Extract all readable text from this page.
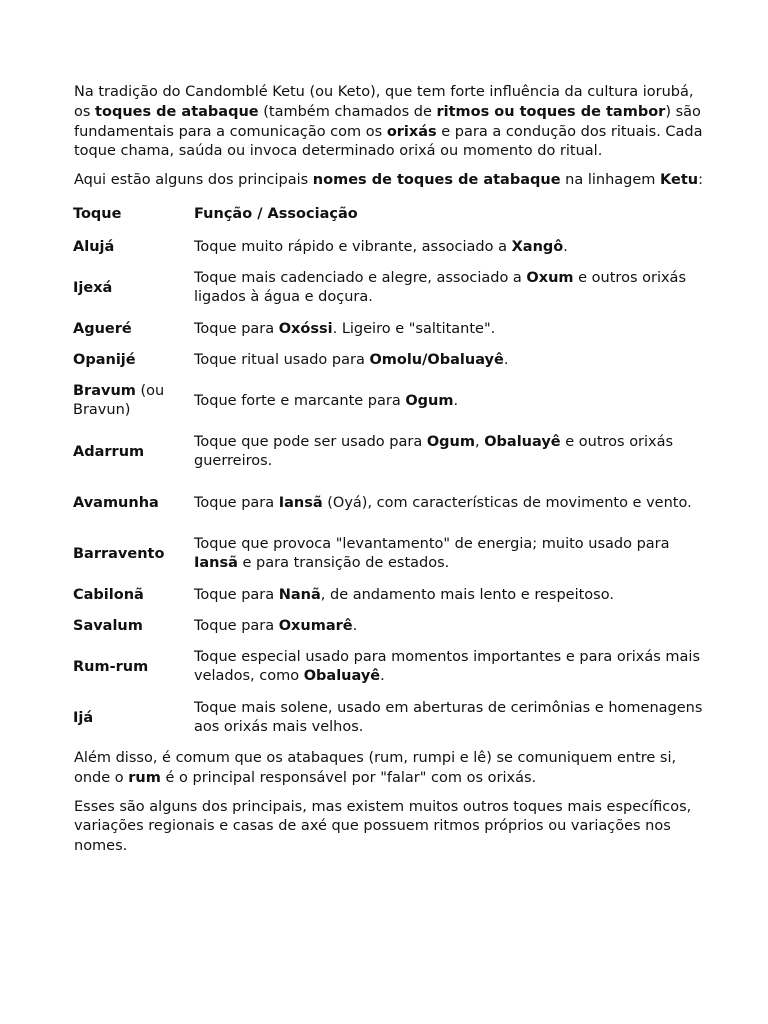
Na tradição do Candomblé Ketu (ou Keto), que tem forte influência da cultura iorubá, os toques de atabaque (também chamados de ritmos ou toques de tambor) são fundamentais para a comunicação com os orixás e para a condução dos rituais. Cada toque chama, saúda ou invoca determinado orixá ou momento do ritual.

Aqui estão alguns dos principais nomes de toques de atabaque na linhagem Ketu:

Toque	Função / Associação
Alujá	Toque muito rápido e vibrante, associado a Xangô.
Ijexá	Toque mais cadenciado e alegre, associado a Oxum e outros orixás ligados à água e doçura.
Agueré	Toque para Oxóssi. Ligeiro e "saltitante".
Opanijé	Toque ritual usado para Omolu/Obaluayê.
Bravum (ou Bravun)	Toque forte e marcante para Ogum.
Adarrum	Toque que pode ser usado para Ogum, Obaluayê e outros orixás guerreiros.
Avamunha	Toque para Iansã (Oyá), com características de movimento e vento.
Barravento	Toque que provoca "levantamento" de energia; muito usado para Iansã e para transição de estados.
Cabilonã	Toque para Nanã, de andamento mais lento e respeitoso.
Savalum	Toque para Oxumarê.
Rum-rum	Toque especial usado para momentos importantes e para orixás mais velados, como Obaluayê.
Ijá	Toque mais solene, usado em aberturas de cerimônias e homenagens aos orixás mais velhos.

Além disso, é comum que os atabaques (rum, rumpi e lê) se comuniquem entre si, onde o rum é o principal responsável por "falar" com os orixás.

Esses são alguns dos principais, mas existem muitos outros toques mais específicos, variações regionais e casas de axé que possuem ritmos próprios ou variações nos nomes.
